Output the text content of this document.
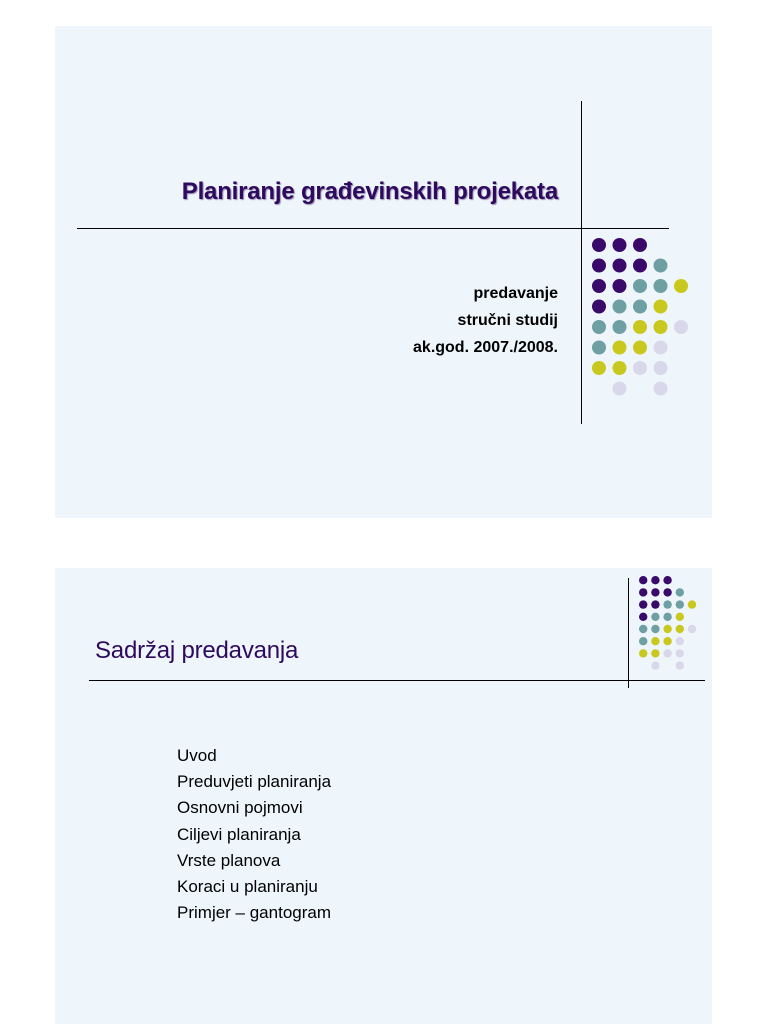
Planiranje građevinskih projekata
predavanje
stručni studij
ak.god. 2007./2008.
Sadržaj predavanja
Uvod
Preduvjeti planiranja
Osnovni pojmovi
Ciljevi planiranja
Vrste planova
Koraci u planiranju
Primjer – gantogram
